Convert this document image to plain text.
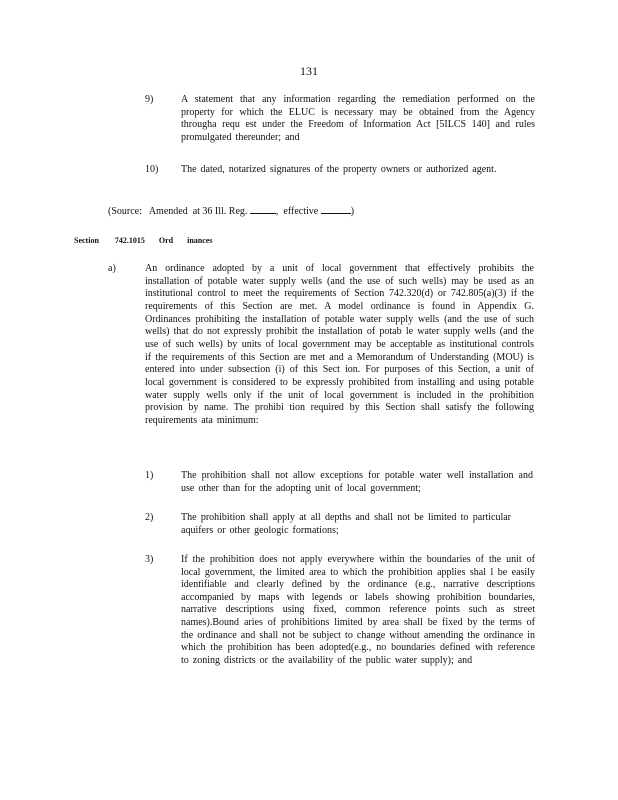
131
9)	A statement that any information regarding the remediation performed on the property for which the ELUC is necessary may be obtained from the Agency througha requ est under the Freedom of Information Act [5ILCS 140] and rules promulgated thereunder; and
10) The dated, notarized signatures of the property owners or authorized agent.
(Source:   Amended  at 36 Ill. Reg.	,  effective	)
Section 742.1015 Ord inances
a)	An ordinance adopted by a unit of local government that effectively prohibits the installation of potable water supply wells (and the use of such wells) may be used as an institutional control to meet the requirements of Section 742.320(d) or 742.805(a)(3) if the requirements of this Section are met. A model ordinance is found in Appendix G. Ordinances prohibiting the installation of potable water supply wells (and the use of such wells) that do not expressly prohibit the installation of potab le water supply wells (and the use of such wells) by units of local government may be acceptable as institutional controls if the requirements of this Section are met and a Memorandum of Understanding (MOU) is entered into under subsection (i) of this Sect ion. For purposes of this Section, a unit of local government is considered to be expressly prohibited from installing and using potable water supply wells only if the unit of local government is included in the prohibition provision by name. The prohibi tion required by this Section shall satisfy the following requirements ata minimum:
1)	The prohibition shall not allow exceptions for potable water well installation and use other than for the adopting unit of local government;
2)	The prohibition shall apply at all depths and shall not be limited to particular aquifers or other geologic formations;
3)	If the prohibition does not apply everywhere within the boundaries of the unit of local government, the limited area to which the prohibition applies shal l be easily identifiable and clearly defined by the ordinance (e.g., narrative descriptions accompanied by maps with legends or labels showing prohibition boundaries, narrative descriptions using fixed, common reference points such as street names).Bound aries of prohibitions limited by area shall be fixed by the terms of the ordinance and shall not be subject to change without amending the ordinance in which the prohibition has been adopted(e.g., no boundaries defined with reference to zoning districts or the availability of the public water supply); and
